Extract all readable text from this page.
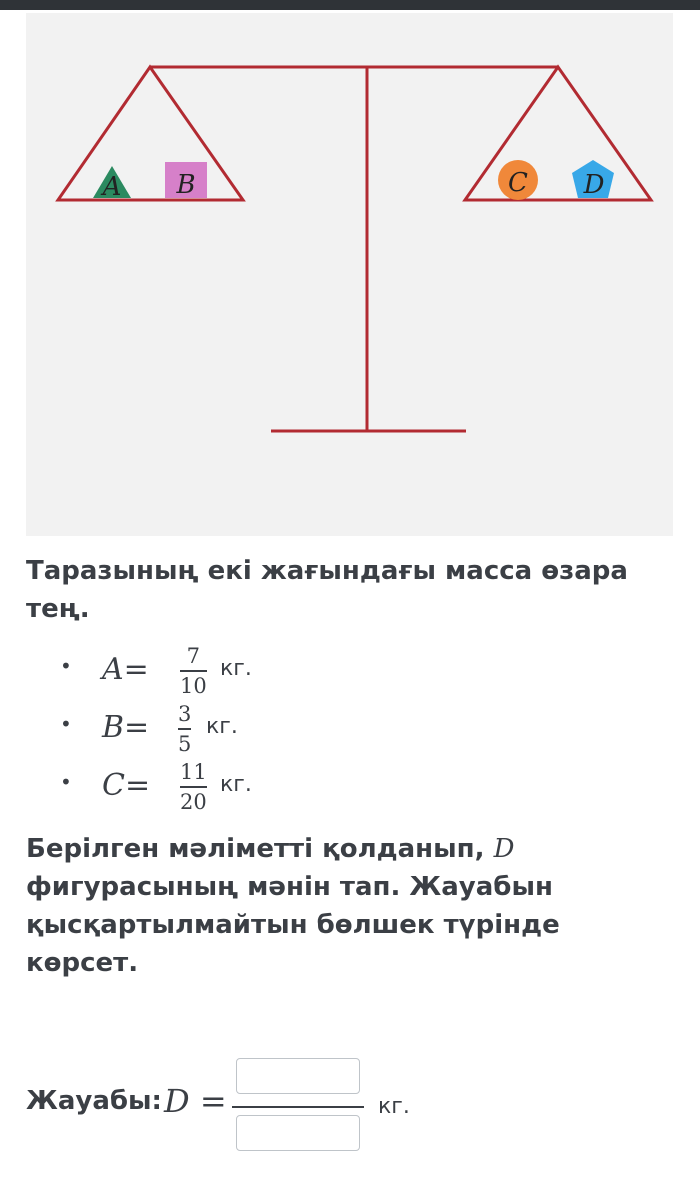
A B	C D
Таразының екі жағындағы масса өзара тең.
• $A= \frac{7}{10}$ кг.
• $B= \frac{3}{5}$ кг.
• $C= \frac{11}{20}$ кг.
Берілген мәліметті қолданып, D фигурасының мәнін тап. Жауабын қысқартылмайтын бөлшек түрінде көрсет.
Жауабы: D =	кг.
